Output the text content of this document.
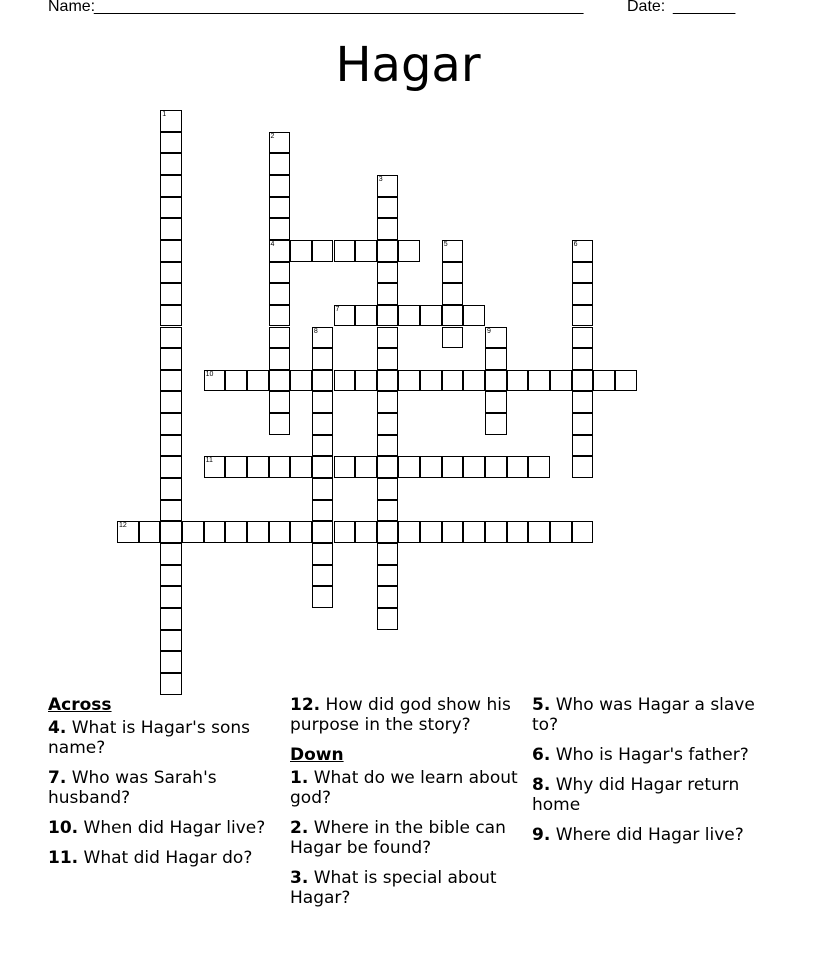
Name:
_______________________________________________________	Date: _______
Hagar
1
2
4
3
5	6
7
8	9
10
11
12
Across
4. What is Hagar's sons name?
7. Who was Sarah's husband?
10. When did Hagar live?
11. What did Hagar do?
12. How did god show his purpose in the story?
Down
1. What do we learn about god?
2. Where in the bible can Hagar be found?
3. What is special about Hagar?
5. Who was Hagar a slave to?
6. Who is Hagar's father?
8. Why did Hagar return home
9. Where did Hagar live?
